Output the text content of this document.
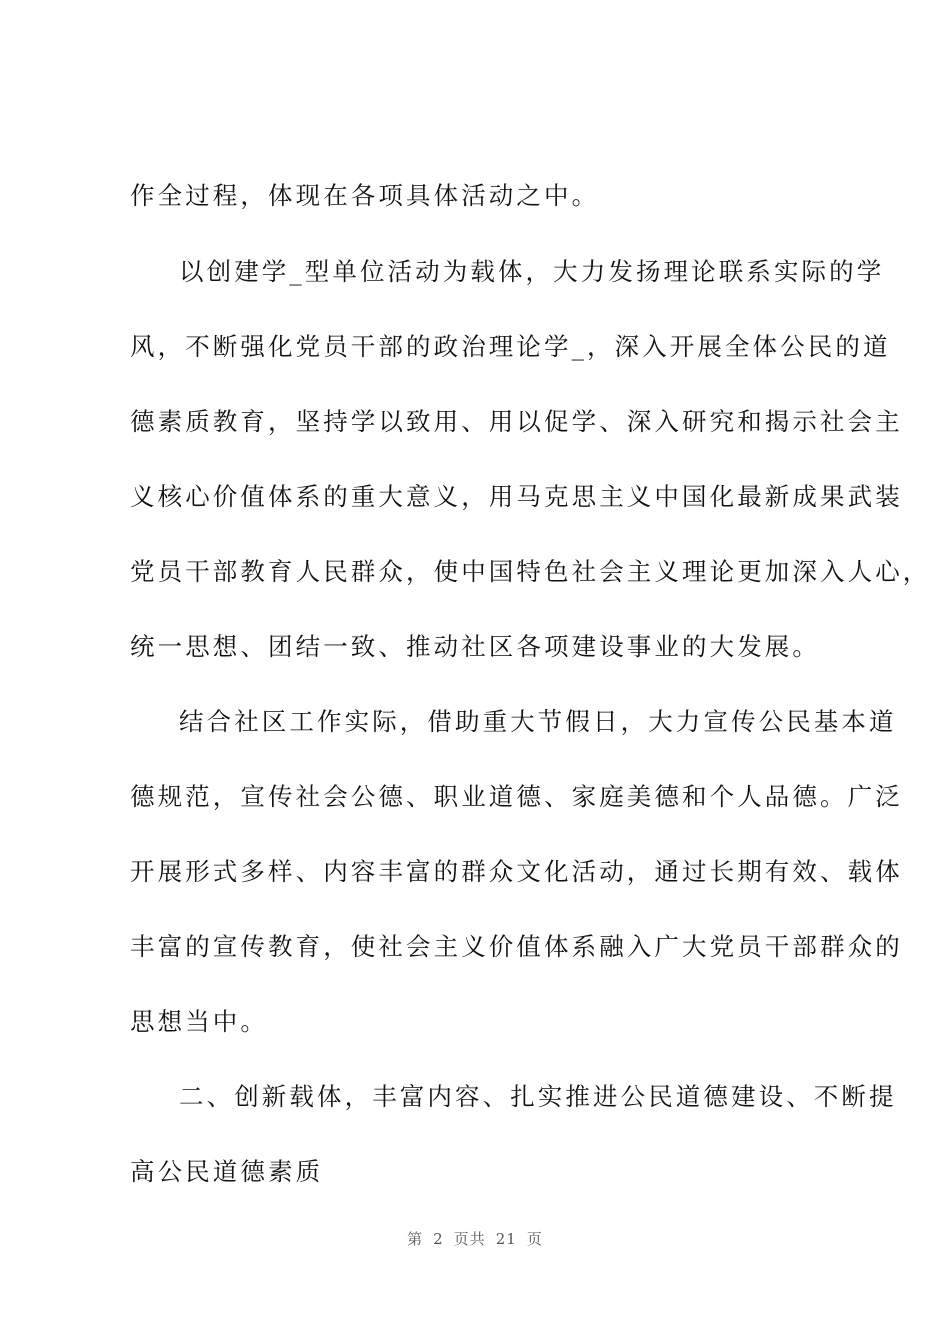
作全过程，体现在各项具体活动之中。
以创建学_型单位活动为载体，大力发扬理论联系实际的学
风，不断强化党员干部的政治理论学_，深入开展全体公民的道
德素质教育，坚持学以致用、用以促学、深入研究和揭示社会主
义核心价值体系的重大意义，用马克思主义中国化最新成果武装
党员干部教育人民群众，使中国特色社会主义理论更加深入人心，
统一思想、团结一致、推动社区各项建设事业的大发展。
结合社区工作实际，借助重大节假日，大力宣传公民基本道
德规范，宣传社会公德、职业道德、家庭美德和个人品德。广泛
开展形式多样、内容丰富的群众文化活动，通过长期有效、载体
丰富的宣传教育，使社会主义价值体系融入广大党员干部群众的
思想当中。
二、创新载体，丰富内容、扎实推进公民道德建设、不断提
高公民道德素质
第 2 页共 21 页
